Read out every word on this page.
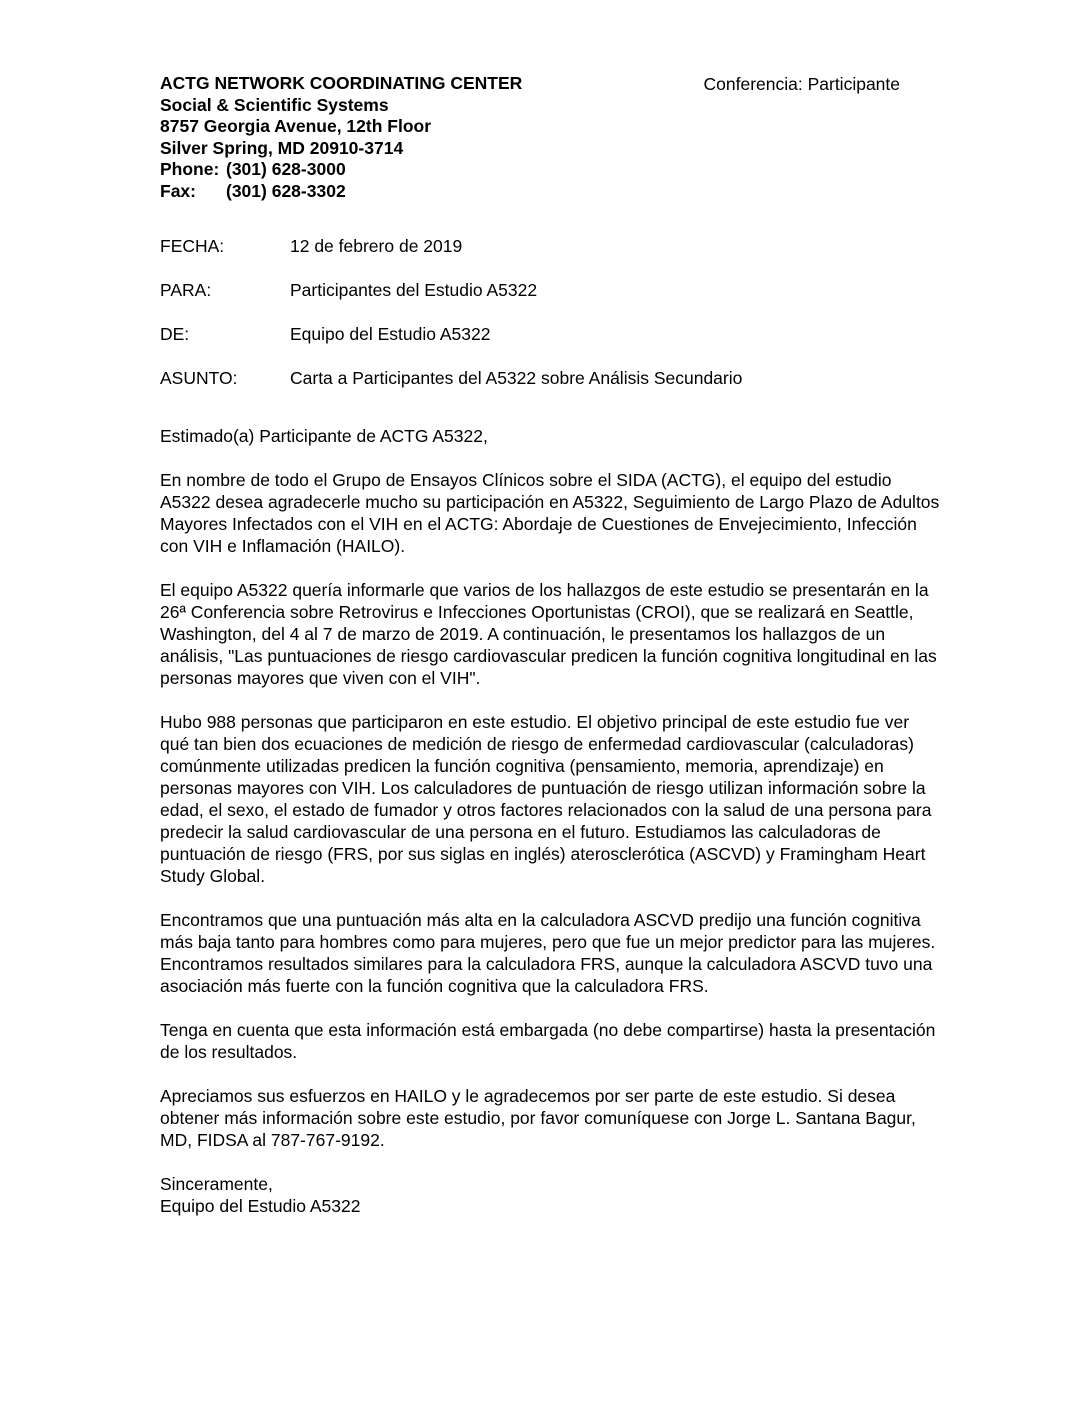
ACTG NETWORK COORDINATING CENTER
Social & Scientific Systems
8757 Georgia Avenue, 12th Floor
Silver Spring, MD 20910-3714
Phone: (301) 628-3000
Fax:	(301) 628-3302
Conferencia: Participante
FECHA:	12 de febrero de 2019
PARA:	Participantes del Estudio A5322
DE:	Equipo del Estudio A5322
ASUNTO:	Carta a Participantes del A5322 sobre Análisis Secundario

Estimado(a) Participante de ACTG A5322,

En nombre de todo el Grupo de Ensayos Clínicos sobre el SIDA (ACTG), el equipo del estudio A5322 desea agradecerle mucho su participación en A5322, Seguimiento de Largo Plazo de Adultos Mayores Infectados con el VIH en el ACTG: Abordaje de Cuestiones de Envejecimiento, Infección con VIH e Inflamación (HAILO).

El equipo A5322 quería informarle que varios de los hallazgos de este estudio se presentarán en la 26ª Conferencia sobre Retrovirus e Infecciones Oportunistas (CROI), que se realizará en Seattle, Washington, del 4 al 7 de marzo de 2019. A continuación, le presentamos los hallazgos de un análisis, "Las puntuaciones de riesgo cardiovascular predicen la función cognitiva longitudinal en las personas mayores que viven con el VIH".

Hubo 988 personas que participaron en este estudio. El objetivo principal de este estudio fue ver qué tan bien dos ecuaciones de medición de riesgo de enfermedad cardiovascular (calculadoras) comúnmente utilizadas predicen la función cognitiva (pensamiento, memoria, aprendizaje) en personas mayores con VIH. Los calculadores de puntuación de riesgo utilizan información sobre la edad, el sexo, el estado de fumador y otros factores relacionados con la salud de una persona para predecir la salud cardiovascular de una persona en el futuro. Estudiamos las calculadoras de puntuación de riesgo (FRS, por sus siglas en inglés) aterosclerótica (ASCVD) y Framingham Heart Study Global.

Encontramos que una puntuación más alta en la calculadora ASCVD predijo una función cognitiva más baja tanto para hombres como para mujeres, pero que fue un mejor predictor para las mujeres. Encontramos resultados similares para la calculadora FRS, aunque la calculadora ASCVD tuvo una asociación más fuerte con la función cognitiva que la calculadora FRS.

Tenga en cuenta que esta información está embargada (no debe compartirse) hasta la presentación de los resultados.

Apreciamos sus esfuerzos en HAILO y le agradecemos por ser parte de este estudio. Si desea obtener más información sobre este estudio, por favor comuníquese con Jorge L. Santana Bagur, MD, FIDSA al 787-767-9192.

Sinceramente,
Equipo del Estudio A5322
